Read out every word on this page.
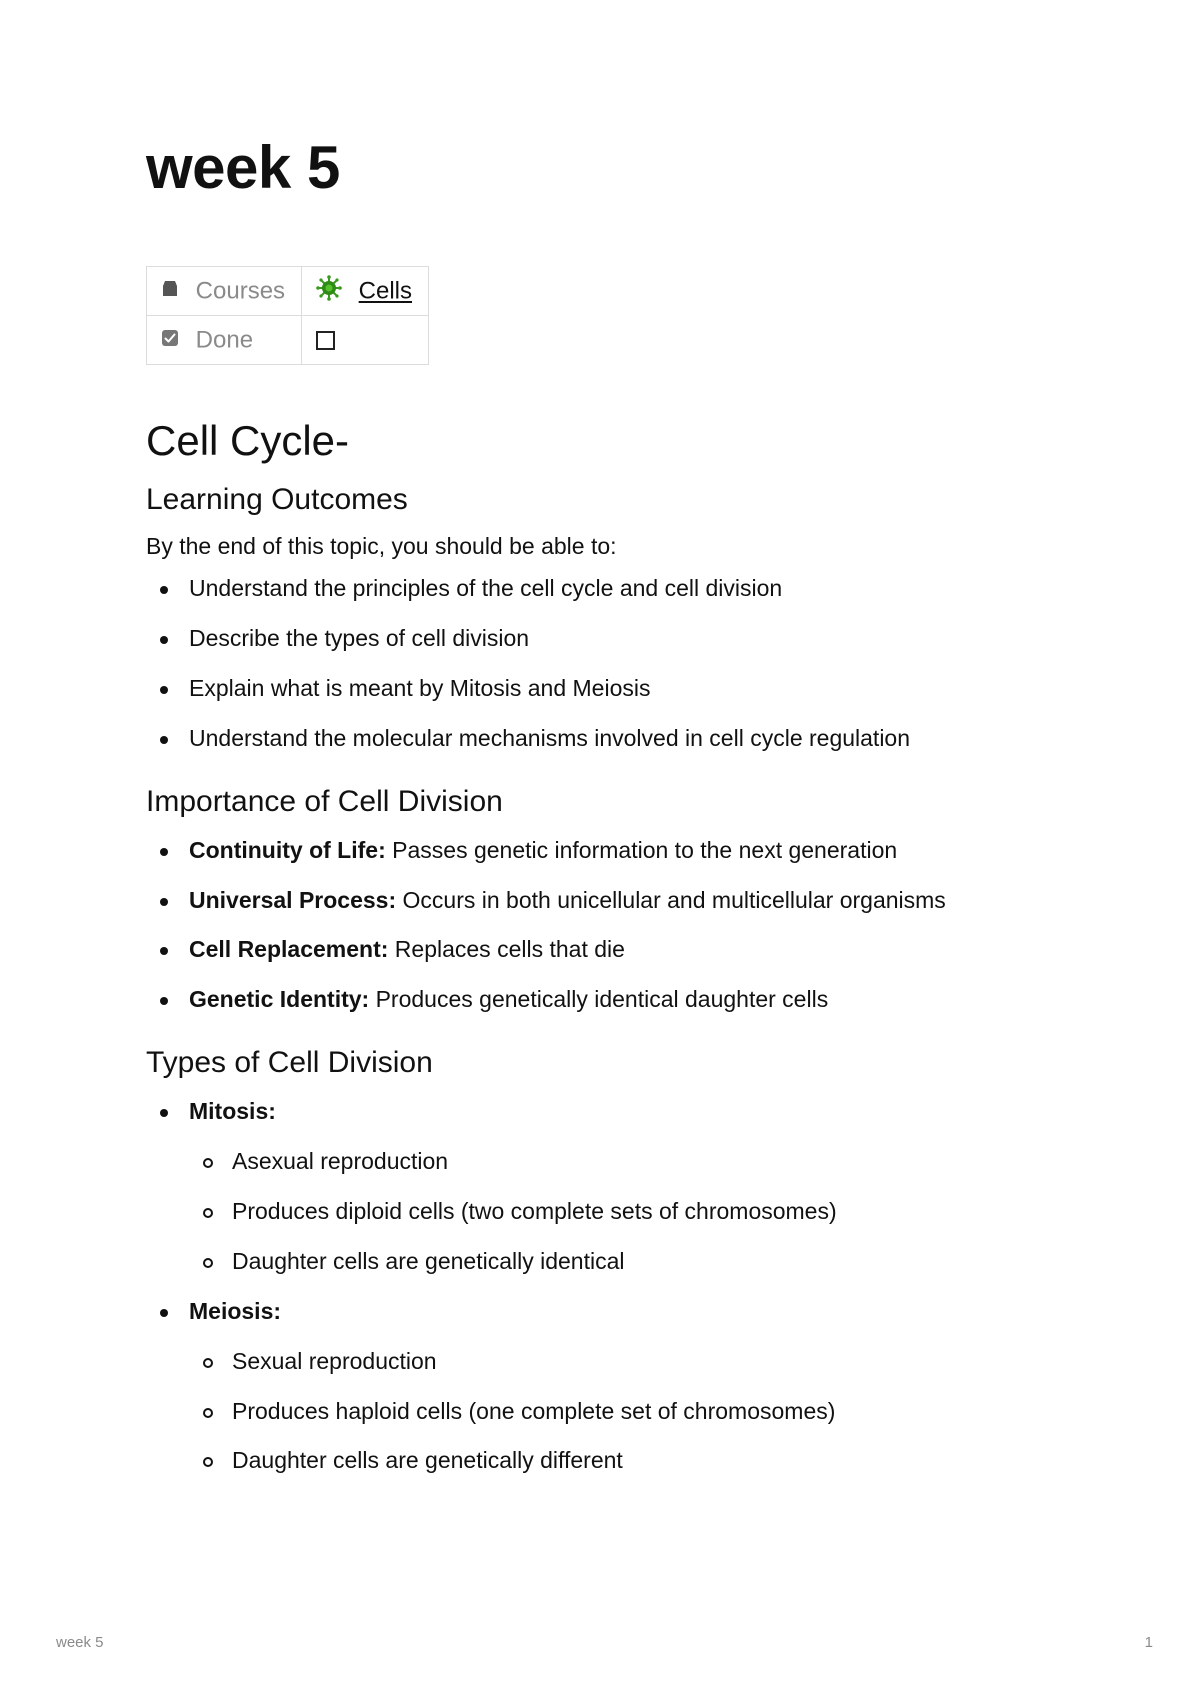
week 5
Courses	Cells
Done	
Cell Cycle-
Learning Outcomes

By the end of this topic, you should be able to:

Understand the principles of the cell cycle and cell division
Describe the types of cell division
Explain what is meant by Mitosis and Meiosis
Understand the molecular mechanisms involved in cell cycle regulation
Importance of Cell Division
Continuity of Life: Passes genetic information to the next generation
Universal Process: Occurs in both unicellular and multicellular organisms
Cell Replacement: Replaces cells that die
Genetic Identity: Produces genetically identical daughter cells
Types of Cell Division
Mitosis:
Asexual reproduction
Produces diploid cells (two complete sets of chromosomes)
Daughter cells are genetically identical
Meiosis:
Sexual reproduction
Produces haploid cells (one complete set of chromosomes)
Daughter cells are genetically different
week 5	1
